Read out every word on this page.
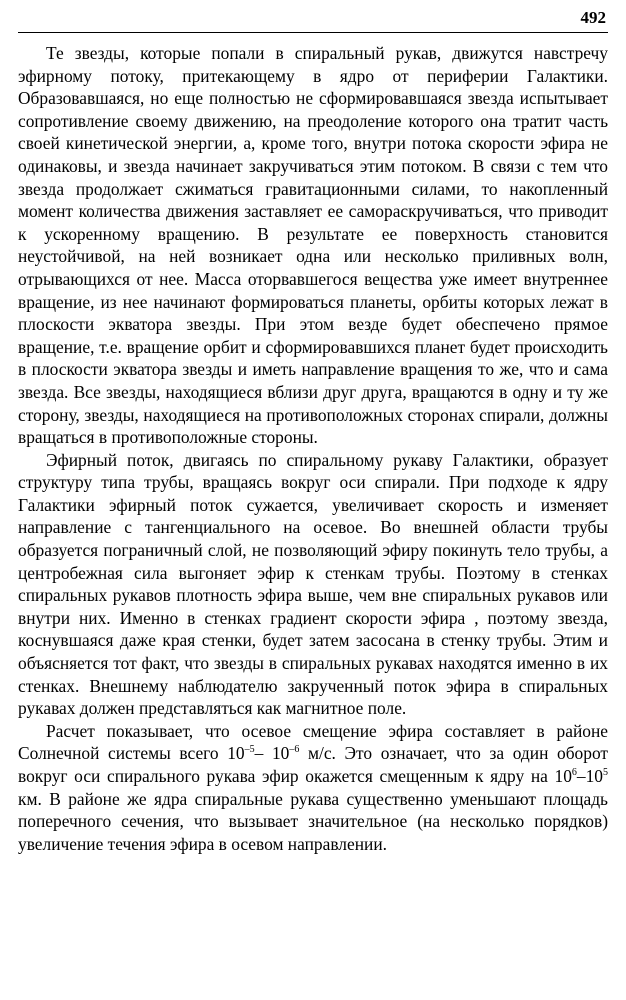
492

Те звезды, которые попали в спиральный рукав, движутся навстречу эфирному потоку, притекающему в ядро от периферии Галактики. Образовавшаяся, но еще полностью не сформировавшаяся звезда испытывает сопротивление своему движению, на преодоление которого она тратит часть своей кинетической энергии, а, кроме того, внутри потока скорости эфира не одинаковы, и звезда начинает закручиваться этим потоком. В связи с тем что звезда продолжает сжиматься гравитационными силами, то накопленный момент количества движения заставляет ее самораскручиваться, что приводит к ускоренному вращению. В результате ее поверхность становится неустойчивой, на ней возникает одна или несколько приливных волн, отрывающихся от нее. Масса оторвавшегося вещества уже имеет внутреннее вращение, из нее начинают формироваться планеты, орбиты которых лежат в плоскости экватора звезды. При этом везде будет обеспечено прямое вращение, т.е. вращение орбит и сформировавшихся планет будет происходить в плоскости экватора звезды и иметь направление вращения то же, что и сама звезда. Все звезды, находящиеся вблизи друг друга, вращаются в одну и ту же сторону, звезды, находящиеся на противоположных сторонах спирали, должны вращаться в противоположные стороны.

Эфирный поток, двигаясь по спиральному рукаву Галактики, образует структуру типа трубы, вращаясь вокруг оси спирали. При подходе к ядру Галактики эфирный поток сужается, увеличивает скорость и изменяет направление с тангенциального на осевое. Во внешней области трубы образуется пограничный слой, не позволяющий эфиру покинуть тело трубы, а центробежная сила выгоняет эфир к стенкам трубы. Поэтому в стенках спиральных рукавов плотность эфира выше, чем вне спиральных рукавов или внутри них. Именно в стенках градиент скорости эфира , поэтому звезда, коснувшаяся даже края стенки, будет затем засосана в стенку трубы. Этим и объясняется тот факт, что звезды в спиральных рукавах находятся именно в их стенках. Внешнему наблюдателю закрученный поток эфира в спиральных рукавах должен представляться как магнитное поле.

Расчет показывает, что осевое смещение эфира составляет в районе Солнечной системы всего $10^{-5}-$ $10^{-6}$ м/с. Это означает, что за один оборот вокруг оси спирального рукава эфир окажется смещенным к ядру на $10^6-10^5$ км. В районе же ядра спиральные рукава существенно уменьшают площадь поперечного сечения, что вызывает значительное (на несколько порядков) увеличение течения эфира в осевом направлении.
